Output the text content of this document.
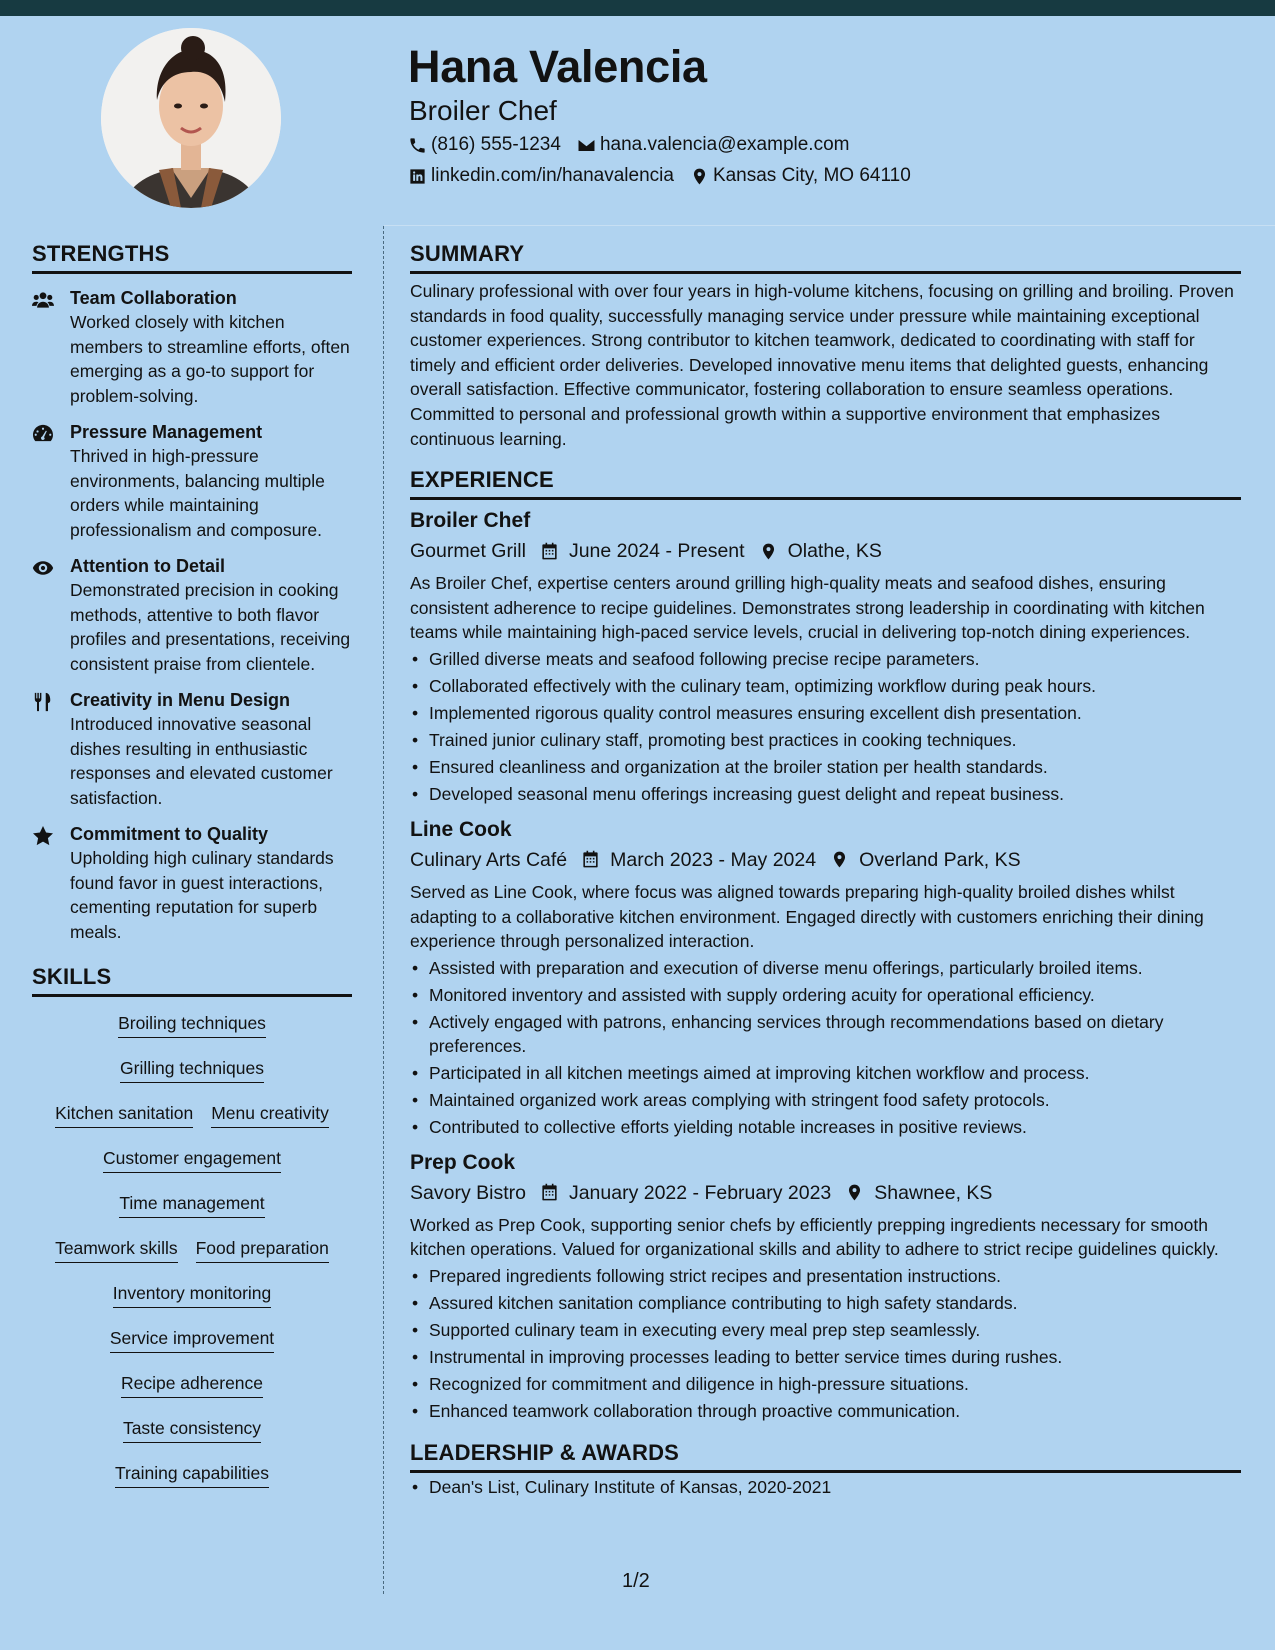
Hana Valencia
Broiler Chef
(816) 555-1234 hana.valencia@example.com
linkedin.com/in/hanavalencia Kansas City, MO 64110
STRENGTHS
Team Collaboration
Worked closely with kitchen members to streamline efforts, often emerging as a go-to support for problem-solving.
Pressure Management
Thrived in high-pressure environments, balancing multiple orders while maintaining professionalism and composure.
Attention to Detail
Demonstrated precision in cooking methods, attentive to both flavor profiles and presentations, receiving consistent praise from clientele.
Creativity in Menu Design
Introduced innovative seasonal dishes resulting in enthusiastic responses and elevated customer satisfaction.
Commitment to Quality
Upholding high culinary standards found favor in guest interactions, cementing reputation for superb meals.
SKILLS
Broiling techniques
Grilling techniques
Kitchen sanitation Menu creativity
Customer engagement
Time management
Teamwork skills Food preparation
Inventory monitoring
Service improvement
Recipe adherence
Taste consistency
Training capabilities
SUMMARY
Culinary professional with over four years in high-volume kitchens, focusing on grilling and broiling. Proven standards in food quality, successfully managing service under pressure while maintaining exceptional customer experiences. Strong contributor to kitchen teamwork, dedicated to coordinating with staff for timely and efficient order deliveries. Developed innovative menu items that delighted guests, enhancing overall satisfaction. Effective communicator, fostering collaboration to ensure seamless operations. Committed to personal and professional growth within a supportive environment that emphasizes continuous learning.
EXPERIENCE
Broiler Chef
Gourmet Grill June 2024 - Present Olathe, KS
As Broiler Chef, expertise centers around grilling high-quality meats and seafood dishes, ensuring consistent adherence to recipe guidelines. Demonstrates strong leadership in coordinating with kitchen teams while maintaining high-paced service levels, crucial in delivering top-notch dining experiences.
• Grilled diverse meats and seafood following precise recipe parameters.
• Collaborated effectively with the culinary team, optimizing workflow during peak hours.
• Implemented rigorous quality control measures ensuring excellent dish presentation.
• Trained junior culinary staff, promoting best practices in cooking techniques.
• Ensured cleanliness and organization at the broiler station per health standards.
• Developed seasonal menu offerings increasing guest delight and repeat business.
Line Cook
Culinary Arts Café March 2023 - May 2024 Overland Park, KS
Served as Line Cook, where focus was aligned towards preparing high-quality broiled dishes whilst adapting to a collaborative kitchen environment. Engaged directly with customers enriching their dining experience through personalized interaction.
• Assisted with preparation and execution of diverse menu offerings, particularly broiled items.
• Monitored inventory and assisted with supply ordering acuity for operational efficiency.
• Actively engaged with patrons, enhancing services through recommendations based on dietary preferences.
• Participated in all kitchen meetings aimed at improving kitchen workflow and process.
• Maintained organized work areas complying with stringent food safety protocols.
• Contributed to collective efforts yielding notable increases in positive reviews.
Prep Cook
Savory Bistro January 2022 - February 2023 Shawnee, KS
Worked as Prep Cook, supporting senior chefs by efficiently prepping ingredients necessary for smooth kitchen operations. Valued for organizational skills and ability to adhere to strict recipe guidelines quickly.
• Prepared ingredients following strict recipes and presentation instructions.
• Assured kitchen sanitation compliance contributing to high safety standards.
• Supported culinary team in executing every meal prep step seamlessly.
• Instrumental in improving processes leading to better service times during rushes.
• Recognized for commitment and diligence in high-pressure situations.
• Enhanced teamwork collaboration through proactive communication.
LEADERSHIP & AWARDS
• Dean's List, Culinary Institute of Kansas, 2020-2021
1/2
